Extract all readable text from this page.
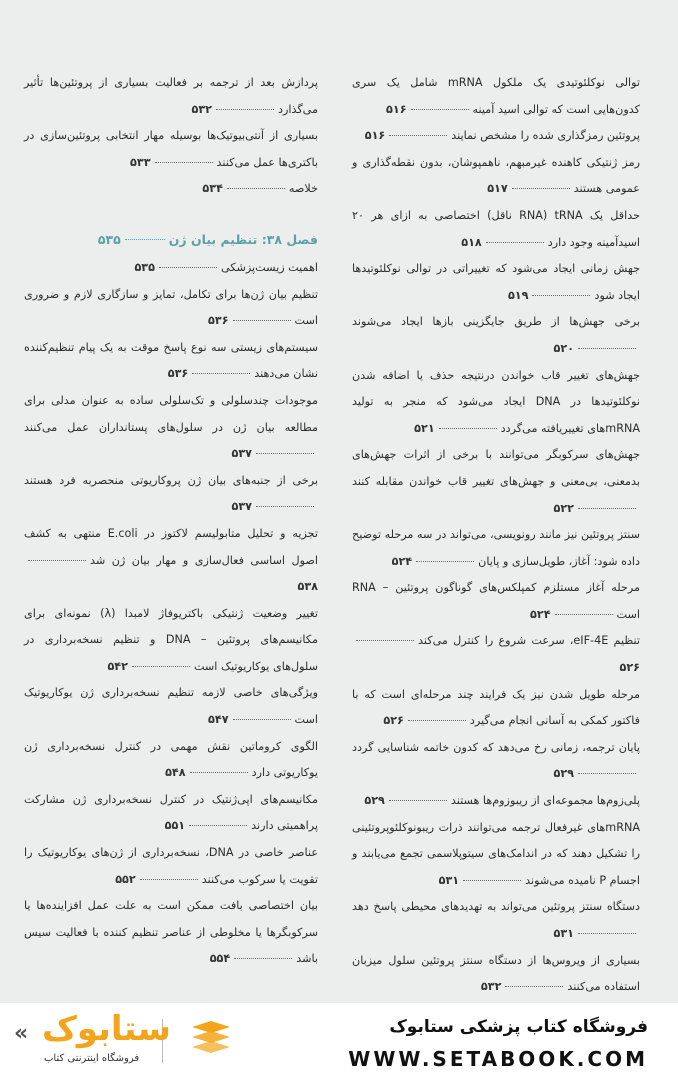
توالی نوکلئوتیدی یک ملکول mRNA شامل یک سری کدون‌هایی است که توالی اسید آمینه۵۱۶
پروتئین رمزگذاری شده را مشخص نمایند۵۱۶
رمز ژنتیکی کاهنده غیرمبهم، ناهمپوشان، بدون نقطه‌گذاری و عمومی هستند۵۱۷
حداقل یک tRNA (RNA ناقل) اختصاصی به ازای هر ۲۰ اسیدآمینه وجود دارد۵۱۸
جهش زمانی ایجاد می‌شود که تغییراتی در توالی نوکلئوتیدها ایجاد شود۵۱۹
برخی جهش‌ها از طریق جایگزینی بازها ایجاد می‌شوند۵۲۰
جهش‌های تغییر قاب خواندن درنتیجه حذف یا اضافه شدن نوکلئوتیدها در DNA ایجاد می‌شود که منجر به تولید mRNAهای تغییریافته می‌گردد۵۲۱
جهش‌های سرکوبگر می‌توانند با برخی از اثرات جهش‌های بدمعنی، بی‌معنی و جهش‌های تغییر قاب خواندن مقابله کنند۵۲۲
سنتز پروتئین نیز مانند رونویسی، می‌تواند در سه مرحله توضیح داده شود: آغاز، طویل‌سازی و پایان۵۲۴
مرحله آغاز مستلزم کمپلکس‌های گوناگون پروتئین – RNA است۵۲۴
تنظیم eIF-4E، سرعت شروع را کنترل می‌کند۵۲۶
مرحله طویل شدن نیز یک فرایند چند مرحله‌ای است که با فاکتور کمکی به آسانی انجام می‌گیرد۵۲۶
پایان ترجمه، زمانی رخ می‌دهد که کدون خاتمه شناسایی گردد۵۲۹
پلی‌زوم‌ها مجموعه‌ای از ریبوزوم‌ها هستند۵۲۹
mRNAهای غیرفعال ترجمه می‌توانند ذرات ریبونوکلئوپروتئینی را تشکیل دهند که در اندامک‌های سیتوپلاسمی تجمع می‌یابند و اجسام P نامیده می‌شوند۵۳۱
دستگاه سنتز پروتئین می‌تواند به تهدیدهای محیطی پاسخ دهد۵۳۱
بسیاری از ویروس‌ها از دستگاه سنتز پروتئین سلول میزبان استفاده می‌کنند۵۳۲
پردازش بعد از ترجمه بر فعالیت بسیاری از پروتئین‌ها تأثیر می‌گذارد۵۳۲
بسیاری از آنتی‌بیوتیک‌ها بوسیله مهار انتخابی پروتئین‌سازی در باکتری‌ها عمل می‌کنند۵۳۳
خلاصه۵۳۴
فصل ۳۸: تنظیم بیان ژن۵۳۵
اهمیت زیست‌پزشکی۵۳۵
تنظیم بیان ژن‌ها برای تکامل، تمایز و سازگاری لازم و ضروری است۵۳۶
سیستم‌های زیستی سه نوع پاسخ موقت به یک پیام تنظیم‌کننده نشان می‌دهند۵۳۶
موجودات چندسلولی و تک‌سلولی ساده به عنوان مدلی برای مطالعه بیان ژن در سلول‌های پستانداران عمل می‌کنند۵۳۷
برخی از جنبه‌های بیان ژن پروکاریوتی منحصربه فرد هستند۵۳۷
تجزیه و تحلیل متابولیسم لاکتوز در E.coli منتهی به کشف اصول اساسی فعال‌سازی و مهار بیان ژن شد۵۳۸
تغییر وضعیت ژنتیکی باکتریوفاژ لامبدا (λ) نمونه‌ای برای مکانیسم‌های پروتئین – DNA و تنظیم نسخه‌برداری در سلول‌های یوکاریوتیک است۵۴۲
ویژگی‌های خاصی لازمه تنظیم نسخه‌برداری ژن یوکاریوتیک است۵۴۷
الگوی کروماتین نقش مهمی در کنترل نسخه‌برداری ژن یوکاریوتی دارد۵۴۸
مکانیسم‌های اپی‌ژنتیک در کنترل نسخه‌برداری ژن مشارکت پراهمیتی دارند۵۵۱
عناصر خاصی در DNA، نسخه‌برداری از ژن‌های یوکاریوتیک را تقویت یا سرکوب می‌کنند۵۵۲
بیان اختصاصی بافت ممکن است به علت عمل افزاینده‌ها یا سرکوبگرها یا مخلوطی از عناصر تنظیم کننده با فعالیت سیس باشد۵۵۴
فروشگاه کتاب پزشکی ستابوک
WWW.SETABOOK.COM
ستابوک
فروشگاه اینترنتی کتاب
«
